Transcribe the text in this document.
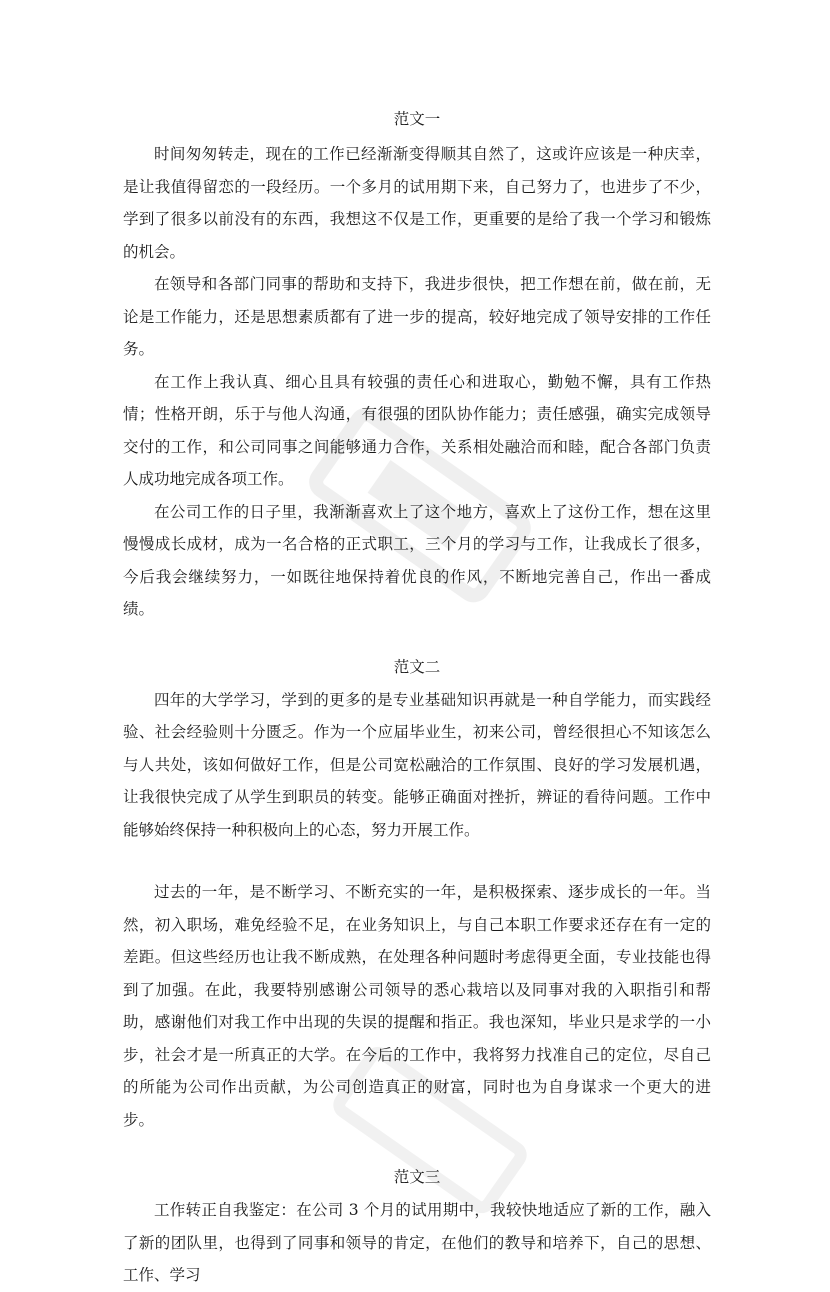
范文一

时间匆匆转走，现在的工作已经渐渐变得顺其自然了，这或许应该是一种庆幸，是让我值得留恋的一段经历。一个多月的试用期下来，自己努力了，也进步了不少，学到了很多以前没有的东西，我想这不仅是工作，更重要的是给了我一个学习和锻炼的机会。

在领导和各部门同事的帮助和支持下，我进步很快，把工作想在前，做在前，无论是工作能力，还是思想素质都有了进一步的提高，较好地完成了领导安排的工作任务。

在工作上我认真、细心且具有较强的责任心和进取心，勤勉不懈，具有工作热情；性格开朗，乐于与他人沟通，有很强的团队协作能力；责任感强，确实完成领导交付的工作，和公司同事之间能够通力合作，关系相处融洽而和睦，配合各部门负责人成功地完成各项工作。

在公司工作的日子里，我渐渐喜欢上了这个地方，喜欢上了这份工作，想在这里慢慢成长成材，成为一名合格的正式职工，三个月的学习与工作，让我成长了很多，今后我会继续努力，一如既往地保持着优良的作风，不断地完善自己，作出一番成绩。

范文二

四年的大学学习，学到的更多的是专业基础知识再就是一种自学能力，而实践经验、社会经验则十分匮乏。作为一个应届毕业生，初来公司，曾经很担心不知该怎么与人共处，该如何做好工作，但是公司宽松融洽的工作氛围、良好的学习发展机遇，让我很快完成了从学生到职员的转变。能够正确面对挫折，辨证的看待问题。工作中能够始终保持一种积极向上的心态，努力开展工作。

过去的一年，是不断学习、不断充实的一年，是积极探索、逐步成长的一年。当然，初入职场，难免经验不足，在业务知识上，与自己本职工作要求还存在有一定的差距。但这些经历也让我不断成熟，在处理各种问题时考虑得更全面，专业技能也得到了加强。在此，我要特别感谢公司领导的悉心栽培以及同事对我的入职指引和帮助，感谢他们对我工作中出现的失误的提醒和指正。我也深知，毕业只是求学的一小步，社会才是一所真正的大学。在今后的工作中，我将努力找准自己的定位，尽自己的所能为公司作出贡献，为公司创造真正的财富，同时也为自身谋求一个更大的进步。

范文三

工作转正自我鉴定：在公司 3 个月的试用期中，我较快地适应了新的工作，融入了新的团队里，也得到了同事和领导的肯定，在他们的教导和培养下，自己的思想、工作、学习
